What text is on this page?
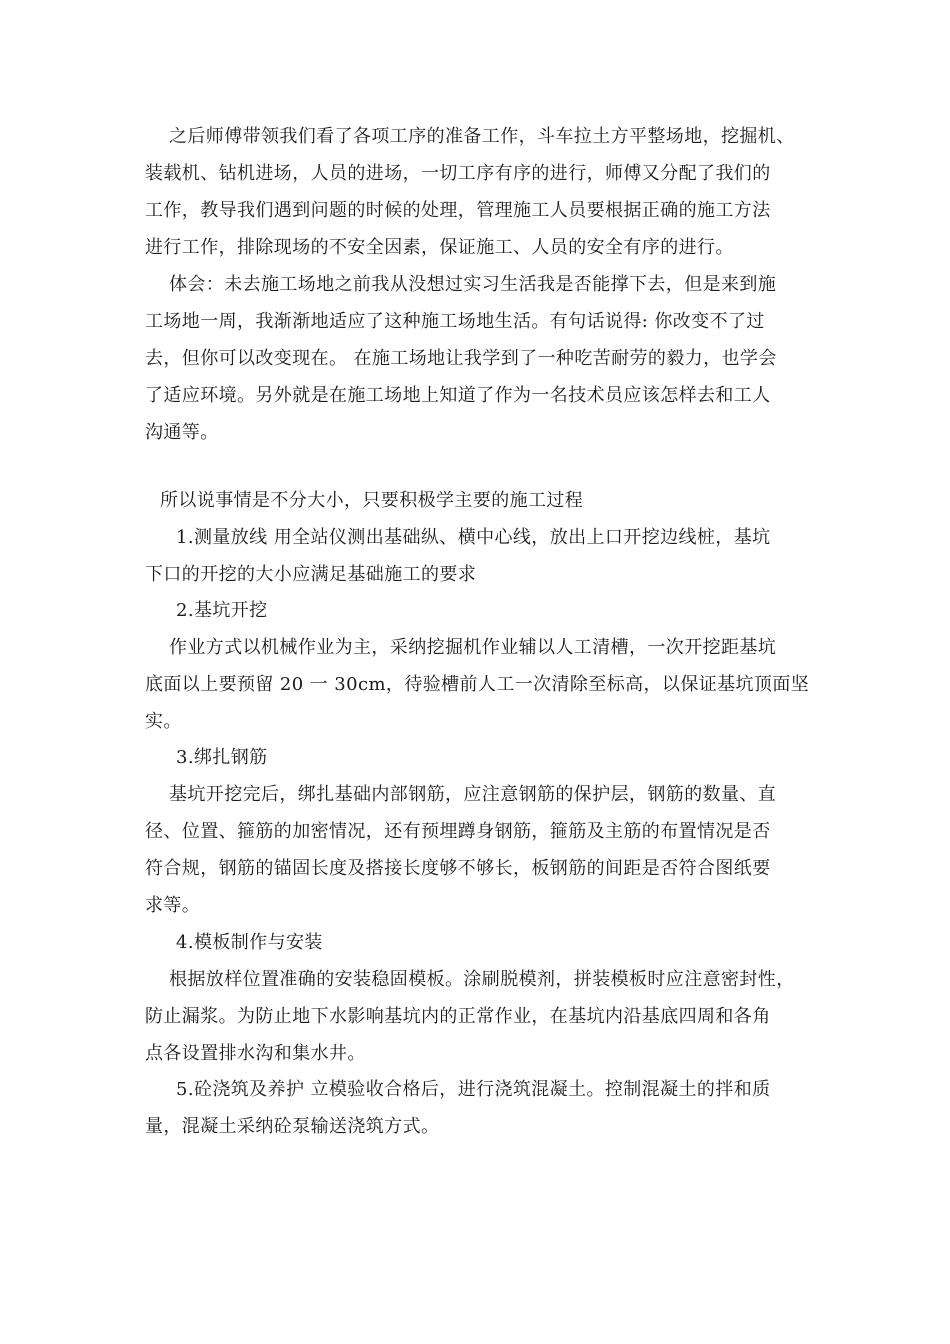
之后师傅带领我们看了各项工序的准备工作，斗车拉土方平整场地，挖掘机、
装载机、钻机进场，人员的进场，一切工序有序的进行，师傅又分配了我们的
工作，教导我们遇到问题的时候的处理，管理施工人员要根据正确的施工方法
进行工作，排除现场的不安全因素，保证施工、人员的安全有序的进行。
体会：未去施工场地之前我从没想过实习生活我是否能撑下去，但是来到施
工场地一周，我渐渐地适应了这种施工场地生活。有句话说得: 你改变不了过
去，但你可以改变现在。 在施工场地让我学到了一种吃苦耐劳的毅力，也学会
了适应环境。另外就是在施工场地上知道了作为一名技术员应该怎样去和工人
沟通等。
所以说事情是不分大小，只要积极学主要的施工过程
1.测量放线 用全站仪测出基础纵、横中心线，放出上口开挖边线桩，基坑
下口的开挖的大小应满足基础施工的要求
2.基坑开挖
作业方式以机械作业为主，采纳挖掘机作业辅以人工清槽，一次开挖距基坑
底面以上要预留 20 一 30cm，待验槽前人工一次清除至标高，以保证基坑顶面坚
实。
3.绑扎钢筋
基坑开挖完后，绑扎基础内部钢筋，应注意钢筋的保护层，钢筋的数量、直
径、位置、箍筋的加密情况，还有预埋蹲身钢筋，箍筋及主筋的布置情况是否
符合规，钢筋的锚固长度及搭接长度够不够长，板钢筋的间距是否符合图纸要
求等。
4.模板制作与安装
根据放样位置准确的安装稳固模板。涂刷脱模剂，拼装模板时应注意密封性，
防止漏浆。为防止地下水影响基坑内的正常作业，在基坑内沿基底四周和各角
点各设置排水沟和集水井。
5.砼浇筑及养护 立模验收合格后，进行浇筑混凝土。控制混凝土的拌和质
量，混凝土采纳砼泵输送浇筑方式。
